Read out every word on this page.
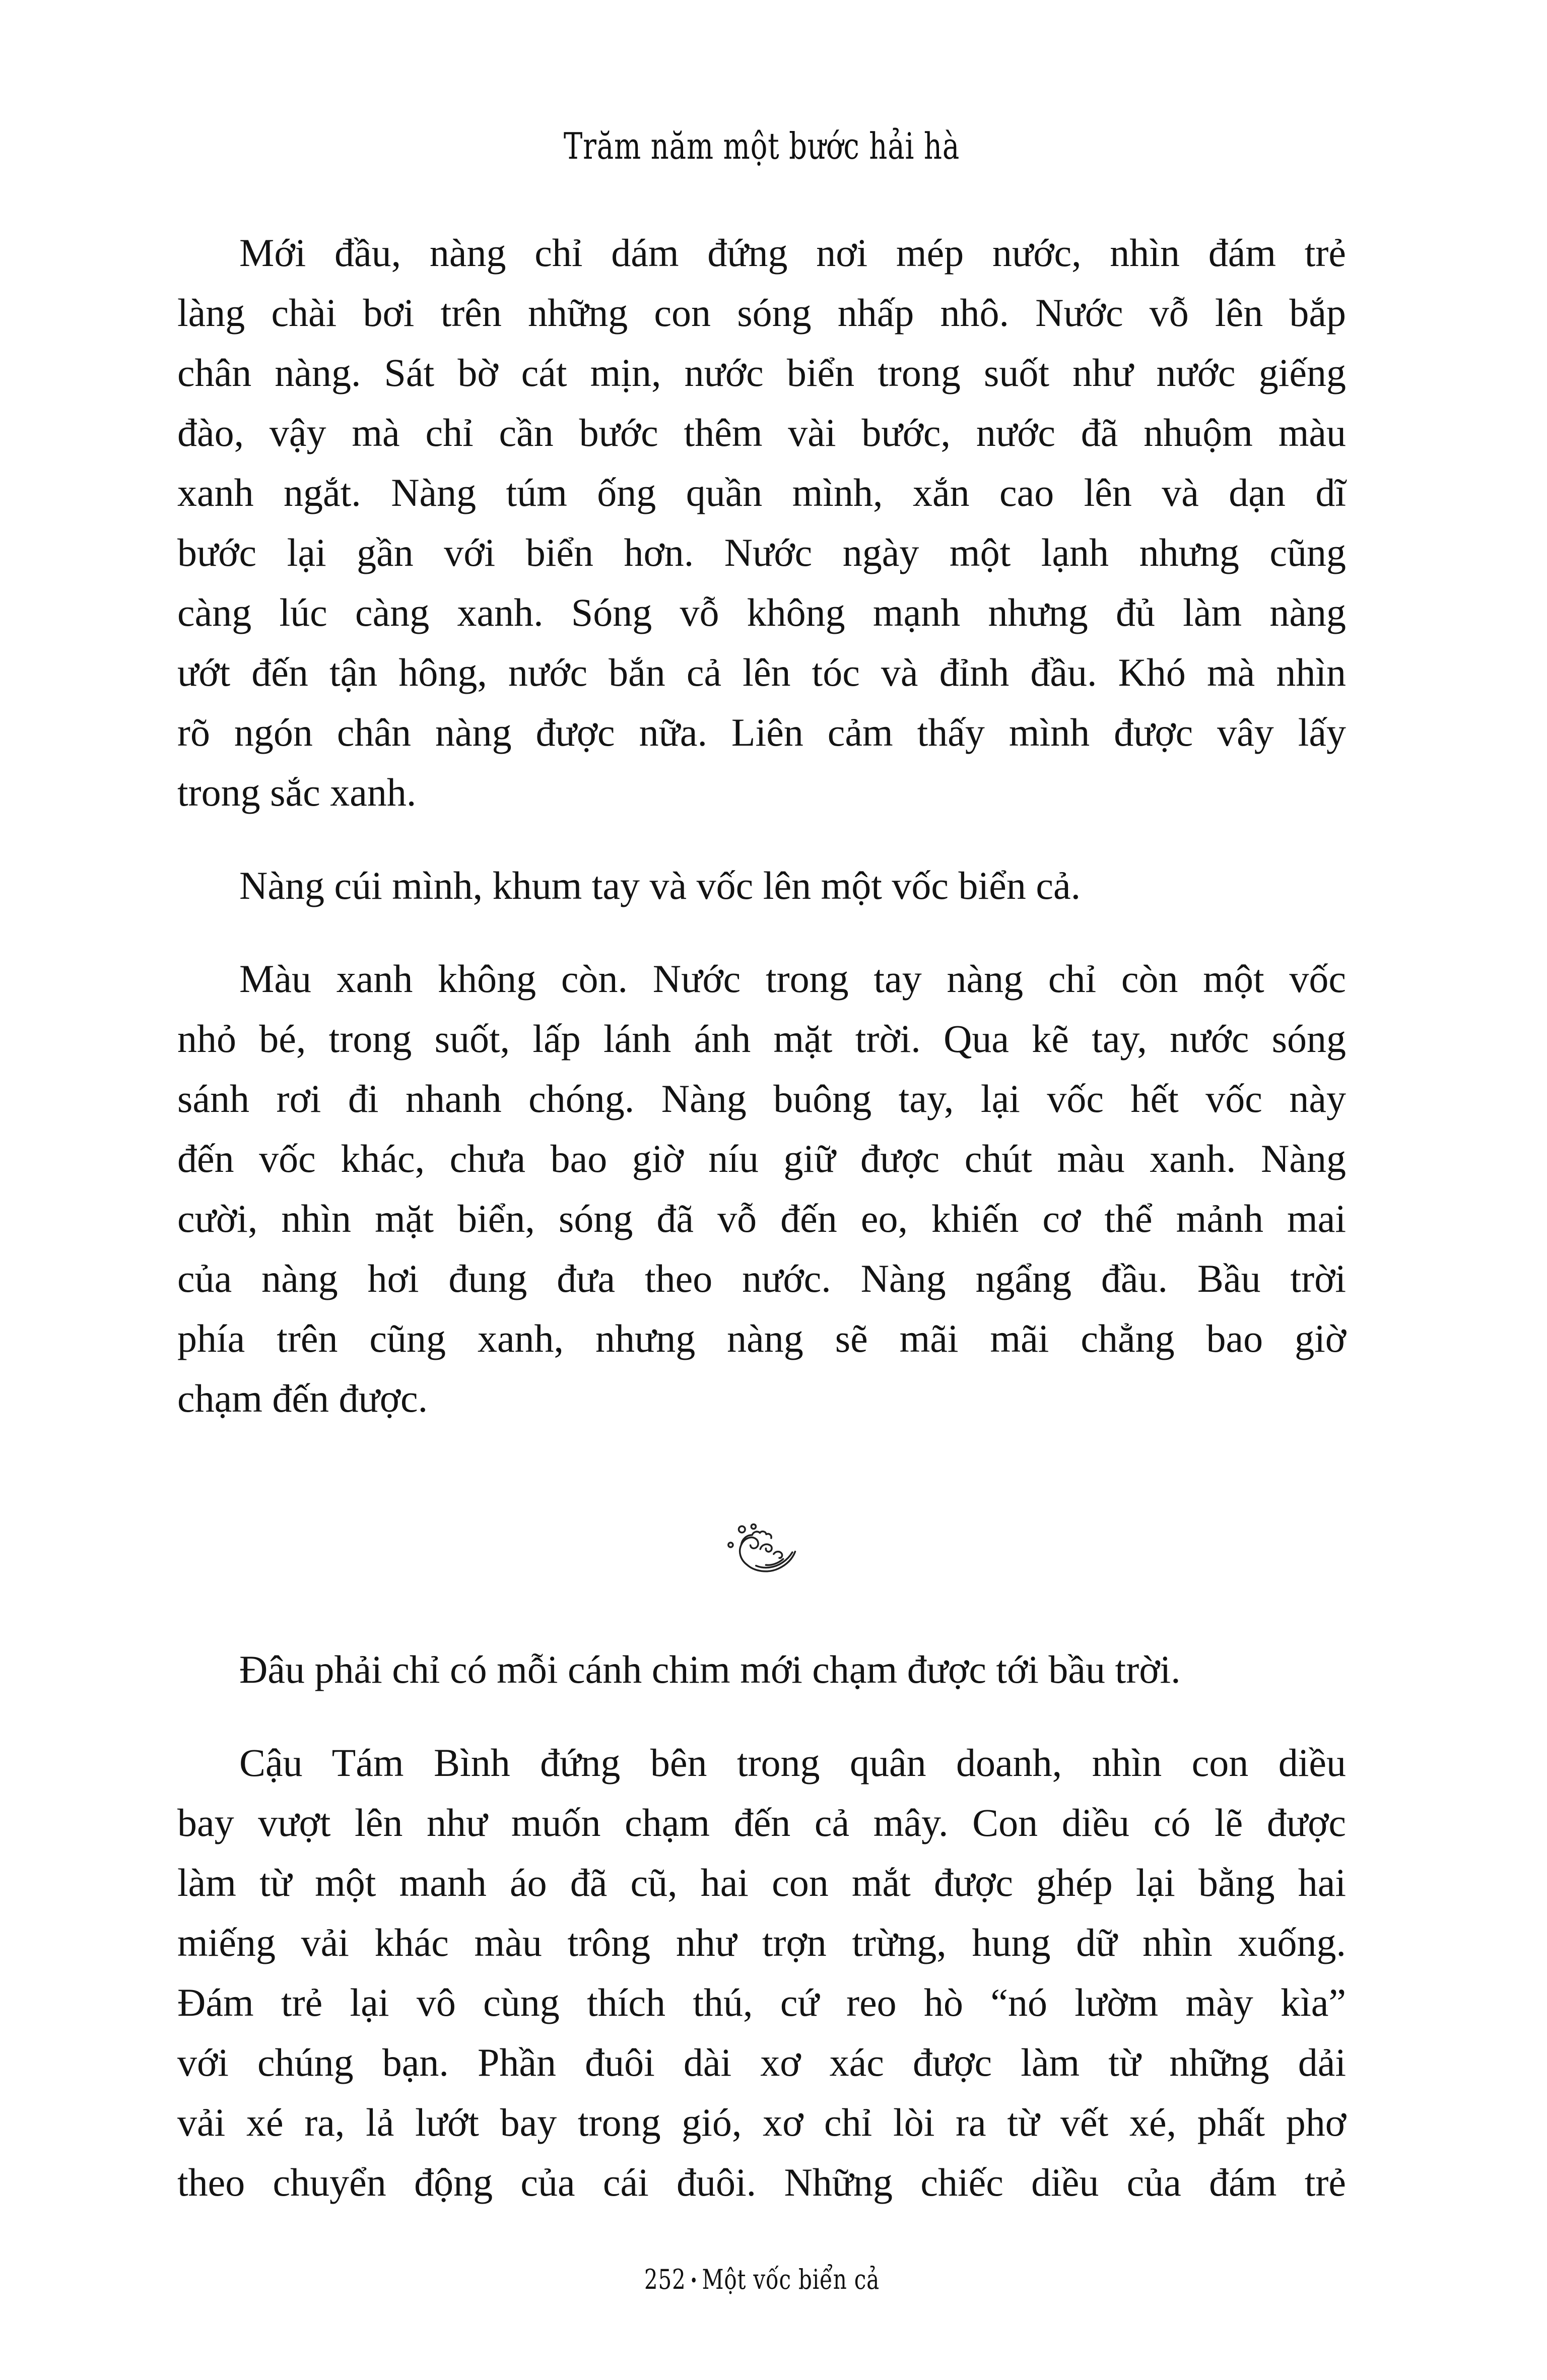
Trăm năm một bước hải hà
Mới đầu, nàng chỉ dám đứng nơi mép nước, nhìn đám trẻ
làng chài bơi trên những con sóng nhấp nhô. Nước vỗ lên bắp
chân nàng. Sát bờ cát mịn, nước biển trong suốt như nước giếng
đào, vậy mà chỉ cần bước thêm vài bước, nước đã nhuộm màu
xanh ngắt. Nàng túm ống quần mình, xắn cao lên và dạn dĩ
bước lại gần với biển hơn. Nước ngày một lạnh nhưng cũng
càng lúc càng xanh. Sóng vỗ không mạnh nhưng đủ làm nàng
ướt đến tận hông, nước bắn cả lên tóc và đỉnh đầu. Khó mà nhìn
rõ ngón chân nàng được nữa. Liên cảm thấy mình được vây lấy
trong sắc xanh.
Nàng cúi mình, khum tay và vốc lên một vốc biển cả.
Màu xanh không còn. Nước trong tay nàng chỉ còn một vốc
nhỏ bé, trong suốt, lấp lánh ánh mặt trời. Qua kẽ tay, nước sóng
sánh rơi đi nhanh chóng. Nàng buông tay, lại vốc hết vốc này
đến vốc khác, chưa bao giờ níu giữ được chút màu xanh. Nàng
cười, nhìn mặt biển, sóng đã vỗ đến eo, khiến cơ thể mảnh mai
của nàng hơi đung đưa theo nước. Nàng ngẩng đầu. Bầu trời
phía trên cũng xanh, nhưng nàng sẽ mãi mãi chẳng bao giờ
chạm đến được.
Đâu phải chỉ có mỗi cánh chim mới chạm được tới bầu trời.
Cậu Tám Bình đứng bên trong quân doanh, nhìn con diều
bay vượt lên như muốn chạm đến cả mây. Con diều có lẽ được
làm từ một manh áo đã cũ, hai con mắt được ghép lại bằng hai
miếng vải khác màu trông như trợn trừng, hung dữ nhìn xuống.
Đám trẻ lại vô cùng thích thú, cứ reo hò “nó lườm mày kìa”
với chúng bạn. Phần đuôi dài xơ xác được làm từ những dải
vải xé ra, lả lướt bay trong gió, xơ chỉ lòi ra từ vết xé, phất phơ
theo chuyển động của cái đuôi. Những chiếc diều của đám trẻ
252 • Một vốc biển cả
